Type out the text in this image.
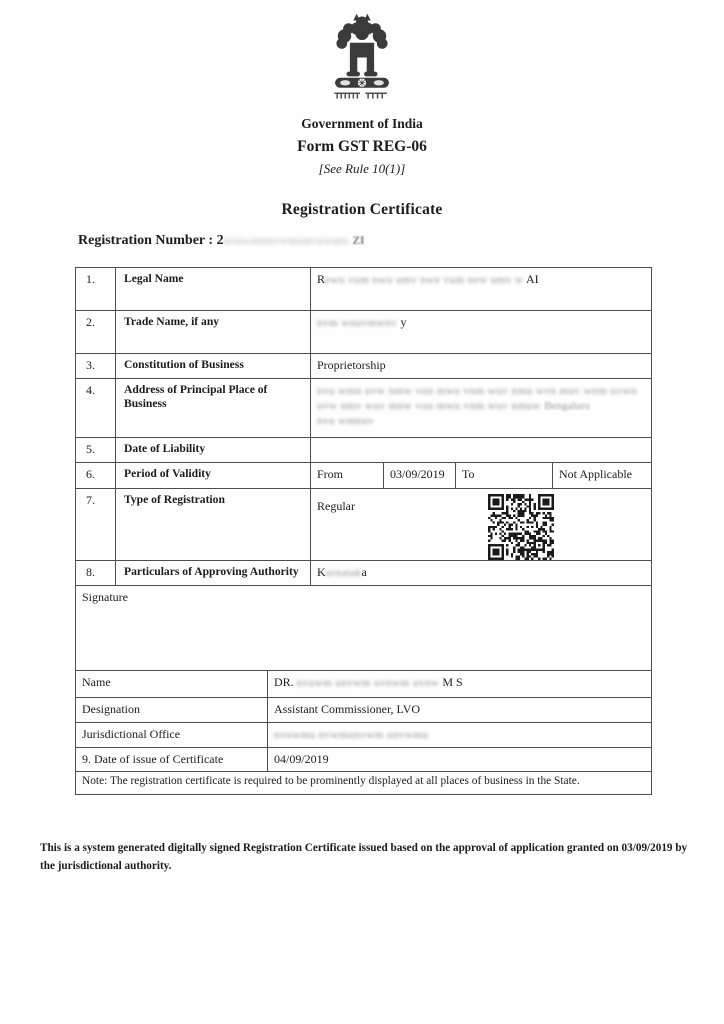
Government of India
Form GST REG-06
[See Rule 10(1)]
Registration Certificate
Registration Number : 2nvuwmunvwmunvuwmu ZI
1.	Legal Name	Rewn vum nwu umv nwe vum new umv w AI
2.	Trade Name, if any	nvm wnuvmwnv y
3.	Constitution of Business	Proprietorship
4.	Address of Principal Place of Business
nvu wmn uvw nmw vun mwu vnm wuv nmu wvn muv wnm uvwn
uvw nmv wuv mnw vun mwu vnm wuv nmuw Bengaluru
nvu wmnuv
5.	Date of Liability
6.	Period of Validity	From	03/09/2019	To	Not Applicable
7.	Type of Registration	Regular
8.	Particulars of Approving Authority	Karnataka
Signature
Name	DR. nvuwm unvwm uvnwm uvnw M S
Designation	Assistant Commissioner, LVO
Jurisdictional Office	nvuwmu nvwmunvwm unvwmu
9. Date of issue of Certificate	04/09/2019
Note: The registration certificate is required to be prominently displayed at all places of business in the State.
This is a system generated digitally signed Registration Certificate issued based on the approval of application granted on 03/09/2019 by
the jurisdictional authority.
